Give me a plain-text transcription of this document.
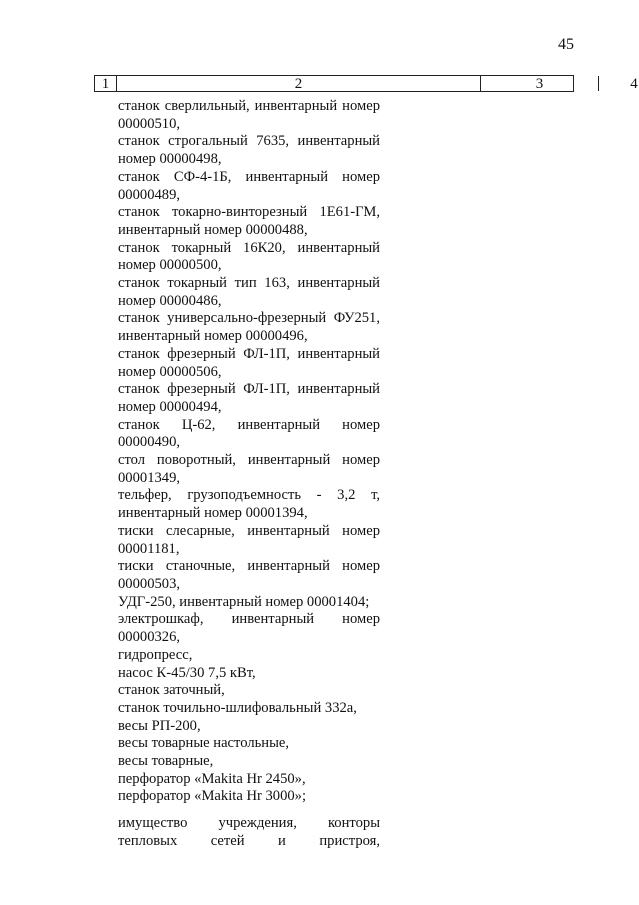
45
1	2	3	4

станок сверлильный, инвентарный номер
00000510,

станок строгальный 7635, инвентарный
номер 00000498,

станок СФ-4-1Б, инвентарный номер
00000489,

станок токарно-винторезный 1Е61-ГМ,
инвентарный номер 00000488,

станок токарный 16К20, инвентарный
номер 00000500,

станок токарный тип 163, инвентарный
номер 00000486,

станок универсально-фрезерный ФУ251,
инвентарный номер 00000496,

станок фрезерный ФЛ-1П, инвентарный
номер 00000506,

станок фрезерный ФЛ-1П, инвентарный
номер 00000494,

станок Ц-62, инвентарный номер
00000490,

стол поворотный, инвентарный номер
00001349,

тельфер, грузоподъемность - 3,2 т,
инвентарный номер 00001394,

тиски слесарные, инвентарный номер
00001181,

тиски станочные, инвентарный номер
00000503,

УДГ-250, инвентарный номер 00001404;

электрошкаф, инвентарный номер
00000326,

гидропресс,

насос К-45/30 7,5 кВт,

станок заточный,

станок точильно-шлифовальный 332а,

весы РП-200,

весы товарные настольные,

весы товарные,

перфоратор «Makita Hr 2450»,

перфоратор «Makita Hr 3000»;

имущество учреждения, конторы
тепловых сетей и пристроя,
